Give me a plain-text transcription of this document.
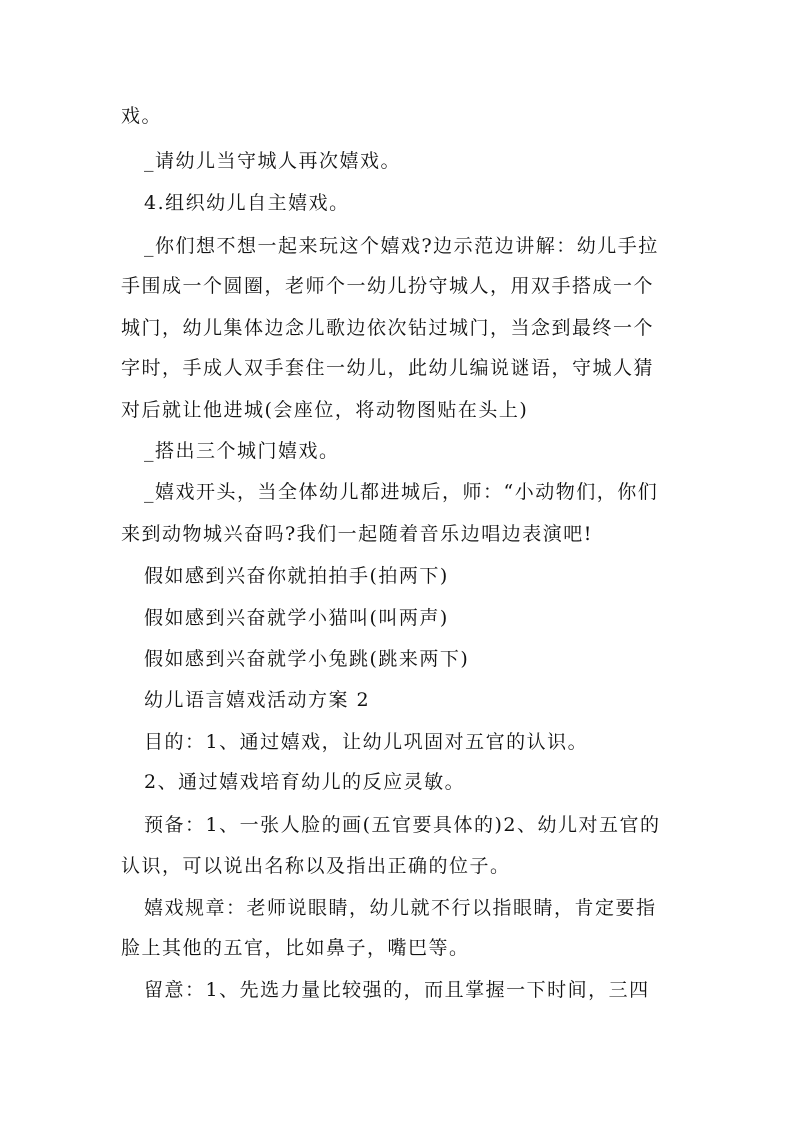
戏。

_请幼儿当守城人再次嬉戏。

4.组织幼儿自主嬉戏。

_你们想不想一起来玩这个嬉戏?边示范边讲解：幼儿手拉

手围成一个圆圈，老师个一幼儿扮守城人，用双手搭成一个

城门，幼儿集体边念儿歌边依次钻过城门，当念到最终一个

字时，手成人双手套住一幼儿，此幼儿编说谜语，守城人猜

对后就让他进城(会座位，将动物图贴在头上)

_搭出三个城门嬉戏。

_嬉戏开头，当全体幼儿都进城后，师：“小动物们，你们

来到动物城兴奋吗?我们一起随着音乐边唱边表演吧!

假如感到兴奋你就拍拍手(拍两下)

假如感到兴奋就学小猫叫(叫两声)

假如感到兴奋就学小兔跳(跳来两下)

幼儿语言嬉戏活动方案 2

目的：1、通过嬉戏，让幼儿巩固对五官的认识。

2、通过嬉戏培育幼儿的反应灵敏。

预备：1、一张人脸的画(五官要具体的)2、幼儿对五官的

认识，可以说出名称以及指出正确的位子。

嬉戏规章：老师说眼睛，幼儿就不行以指眼睛，肯定要指

脸上其他的五官，比如鼻子，嘴巴等。

留意：1、先选力量比较强的，而且掌握一下时间，三四
